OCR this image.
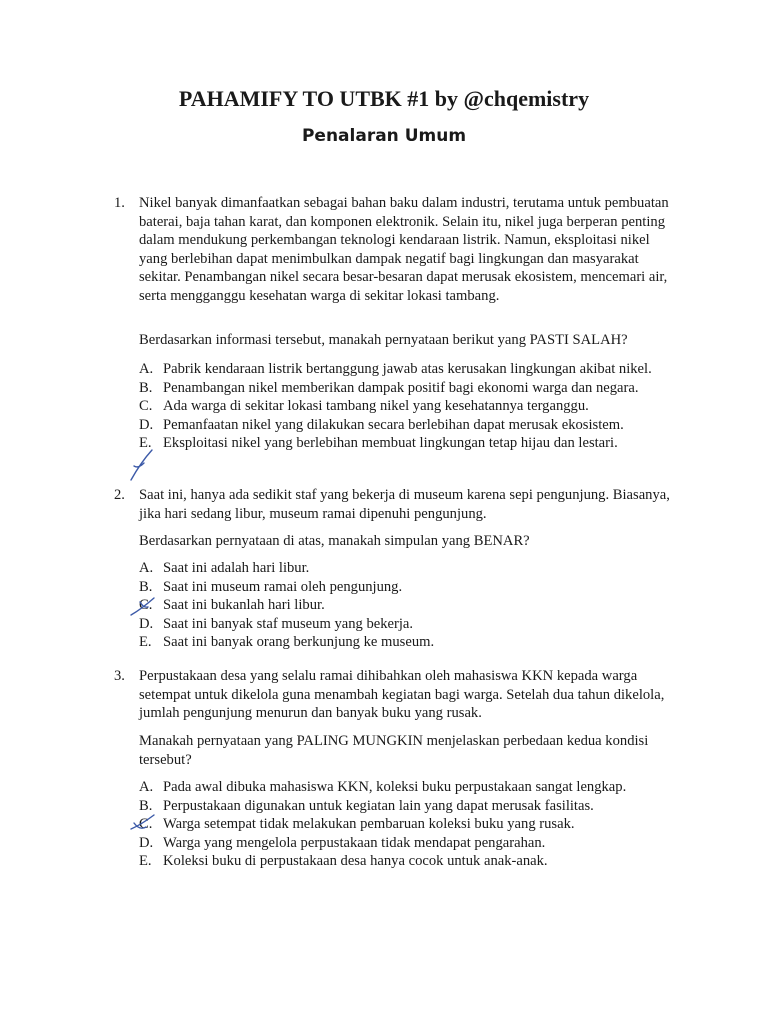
PAHAMIFY TO UTBK #1 by @chqemistry
Penalaran Umum
1. Nikel banyak dimanfaatkan sebagai bahan baku dalam industri, terutama untuk pembuatan baterai, baja tahan karat, dan komponen elektronik. Selain itu, nikel juga berperan penting dalam mendukung perkembangan teknologi kendaraan listrik. Namun, eksploitasi nikel yang berlebihan dapat menimbulkan dampak negatif bagi lingkungan dan masyarakat sekitar. Penambangan nikel secara besar-besaran dapat merusak ekosistem, mencemari air, serta mengganggu kesehatan warga di sekitar lokasi tambang.

Berdasarkan informasi tersebut, manakah pernyataan berikut yang PASTI SALAH?

A. Pabrik kendaraan listrik bertanggung jawab atas kerusakan lingkungan akibat nikel.
B. Penambangan nikel memberikan dampak positif bagi ekonomi warga dan negara.
C. Ada warga di sekitar lokasi tambang nikel yang kesehatannya terganggu.
D. Pemanfaatan nikel yang dilakukan secara berlebihan dapat merusak ekosistem.
E. Eksploitasi nikel yang berlebihan membuat lingkungan tetap hijau dan lestari.
2. Saat ini, hanya ada sedikit staf yang bekerja di museum karena sepi pengunjung. Biasanya, jika hari sedang libur, museum ramai dipenuhi pengunjung.

Berdasarkan pernyataan di atas, manakah simpulan yang BENAR?

A. Saat ini adalah hari libur.
B. Saat ini museum ramai oleh pengunjung.
C. Saat ini bukanlah hari libur.
D. Saat ini banyak staf museum yang bekerja.
E. Saat ini banyak orang berkunjung ke museum.
3. Perpustakaan desa yang selalu ramai dihibahkan oleh mahasiswa KKN kepada warga setempat untuk dikelola guna menambah kegiatan bagi warga. Setelah dua tahun dikelola, jumlah pengunjung menurun dan banyak buku yang rusak.

Manakah pernyataan yang PALING MUNGKIN menjelaskan perbedaan kedua kondisi tersebut?

A. Pada awal dibuka mahasiswa KKN, koleksi buku perpustakaan sangat lengkap.
B. Perpustakaan digunakan untuk kegiatan lain yang dapat merusak fasilitas.
C. Warga setempat tidak melakukan pembaruan koleksi buku yang rusak.
D. Warga yang mengelola perpustakaan tidak mendapat pengarahan.
E. Koleksi buku di perpustakaan desa hanya cocok untuk anak-anak.
